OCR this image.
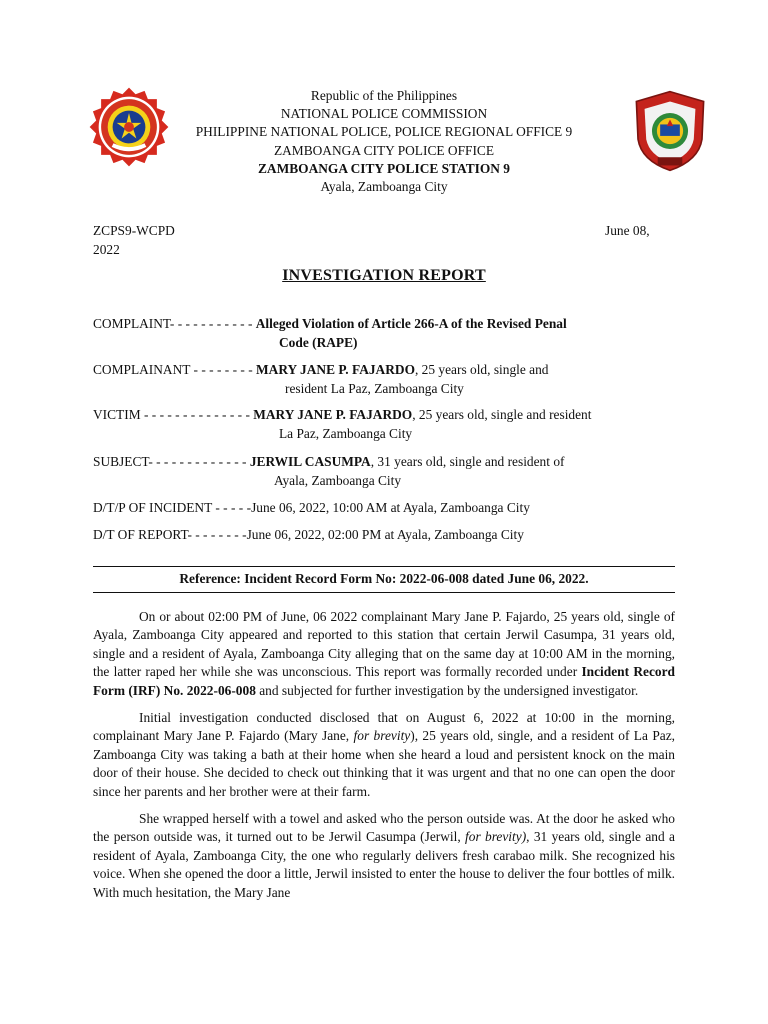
Republic of the Philippines
NATIONAL POLICE COMMISSION
PHILIPPINE NATIONAL POLICE, POLICE REGIONAL OFFICE 9
ZAMBOANGA CITY POLICE OFFICE
ZAMBOANGA CITY POLICE STATION 9
Ayala, Zamboanga City
ZCPS9-WCPD	June 08,
2022
INVESTIGATION REPORT
COMPLAINT- - - - - - - - - - - Alleged Violation of Article 266-A of the Revised Penal
Code (RAPE)
COMPLAINANT - - - - - - - - MARY JANE P. FAJARDO, 25 years old, single and
resident La Paz, Zamboanga City
VICTIM - - - - - - - - - - - - - - MARY JANE P. FAJARDO, 25 years old, single and resident
La Paz, Zamboanga City
SUBJECT- - - - - - - - - - - - - JERWIL CASUMPA, 31 years old, single and resident of
Ayala, Zamboanga City
D/T/P OF INCIDENT - - - - -June 06, 2022, 10:00 AM at Ayala, Zamboanga City
D/T OF REPORT- - - - - - - -June 06, 2022, 02:00 PM at Ayala, Zamboanga City
Reference: Incident Record Form No: 2022-06-008 dated June 06, 2022.

On or about 02:00 PM of June, 06 2022 complainant Mary Jane P. Fajardo, 25 years old, single of Ayala, Zamboanga City appeared and reported to this station that certain Jerwil Casumpa, 31 years old, single and a resident of Ayala, Zamboanga City alleging that on the same day at 10:00 AM in the morning, the latter raped her while she was unconscious. This report was formally recorded under Incident Record Form (IRF) No. 2022-06-008 and subjected for further investigation by the undersigned investigator.

Initial investigation conducted disclosed that on August 6, 2022 at 10:00 in the morning, complainant Mary Jane P. Fajardo (Mary Jane, for brevity), 25 years old, single, and a resident of La Paz, Zamboanga City was taking a bath at their home when she heard a loud and persistent knock on the main door of their house. She decided to check out thinking that it was urgent and that no one can open the door since her parents and her brother were at their farm.

She wrapped herself with a towel and asked who the person outside was. At the door he asked who the person outside was, it turned out to be Jerwil Casumpa (Jerwil, for brevity), 31 years old, single and a resident of Ayala, Zamboanga City, the one who regularly delivers fresh carabao milk. She recognized his voice. When she opened the door a little, Jerwil insisted to enter the house to deliver the four bottles of milk. With much hesitation, the Mary Jane
